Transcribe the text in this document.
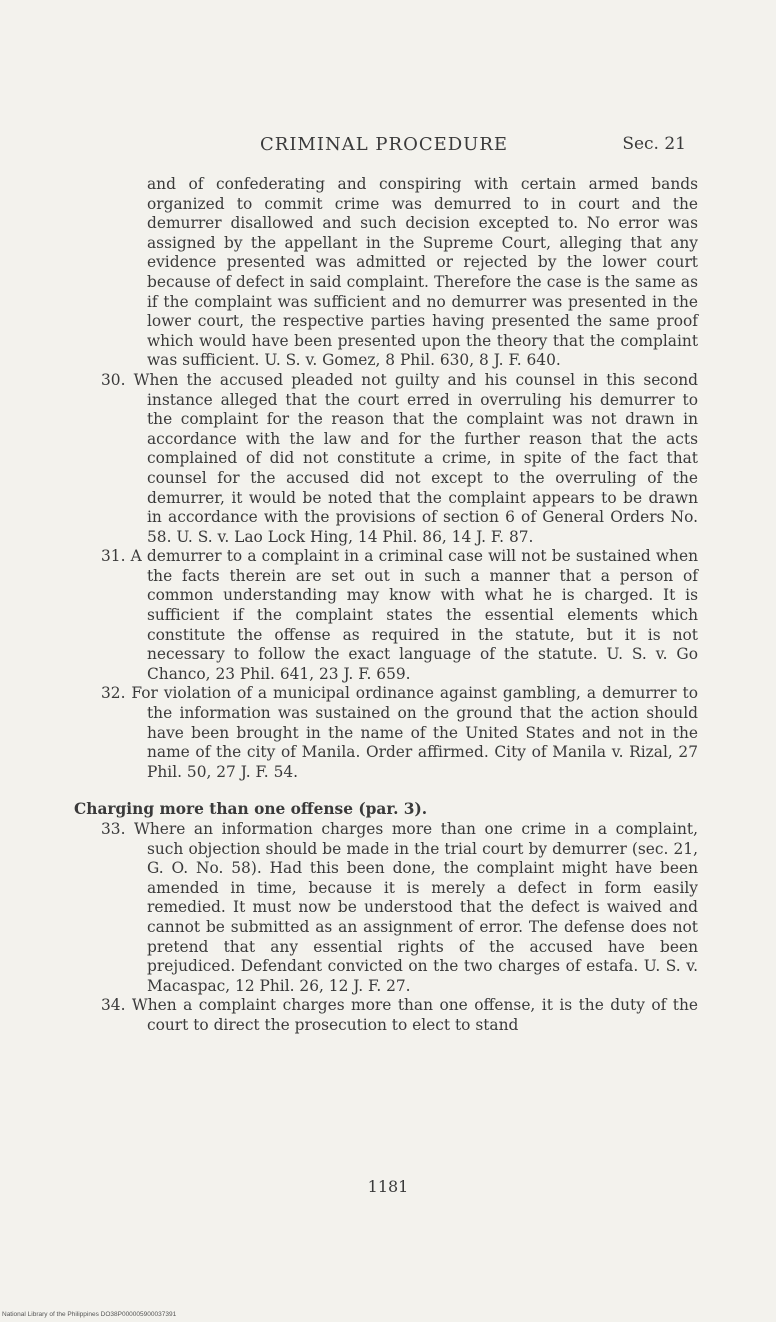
CRIMINAL PROCEDURE	Sec. 21

and of confederating and conspiring with certain armed bands organized to commit crime was demurred to in court and the demurrer disallowed and such decision excepted to. No error was assigned by the appellant in the Supreme Court, alleging that any evidence presented was admitted or rejected by the lower court because of defect in said complaint. Therefore the case is the same as if the complaint was sufficient and no demurrer was presented in the lower court, the respective parties having presented the same proof which would have been presented upon the theory that the complaint was sufficient. U. S. v. Gomez, 8 Phil. 630, 8 J. F. 640.

30. When the accused pleaded not guilty and his counsel in this second instance alleged that the court erred in overruling his demurrer to the complaint for the reason that the complaint was not drawn in accordance with the law and for the further reason that the acts complained of did not constitute a crime, in spite of the fact that counsel for the accused did not except to the overruling of the demurrer, it would be noted that the complaint appears to be drawn in accordance with the provisions of section 6 of General Orders No. 58. U. S. v. Lao Lock Hing, 14 Phil. 86, 14 J. F. 87.

31. A demurrer to a complaint in a criminal case will not be sustained when the facts therein are set out in such a manner that a person of common understanding may know with what he is charged. It is sufficient if the complaint states the essential elements which constitute the offense as required in the statute, but it is not necessary to follow the exact language of the statute. U. S. v. Go Chanco, 23 Phil. 641, 23 J. F. 659.

32. For violation of a municipal ordinance against gambling, a demurrer to the information was sustained on the ground that the action should have been brought in the name of the United States and not in the name of the city of Manila. Order affirmed. City of Manila v. Rizal, 27 Phil. 50, 27 J. F. 54.

Charging more than one offense (par. 3).

33. Where an information charges more than one crime in a complaint, such objection should be made in the trial court by demurrer (sec. 21, G. O. No. 58). Had this been done, the complaint might have been amended in time, because it is merely a defect in form easily remedied. It must now be understood that the defect is waived and cannot be submitted as an assignment of error. The defense does not pretend that any essential rights of the accused have been prejudiced. Defendant convicted on the two charges of estafa. U. S. v. Macaspac, 12 Phil. 26, 12 J. F. 27.

34. When a complaint charges more than one offense, it is the duty of the court to direct the prosecution to elect to stand

1181
National Library of the Philippines DO38P000005900037391
